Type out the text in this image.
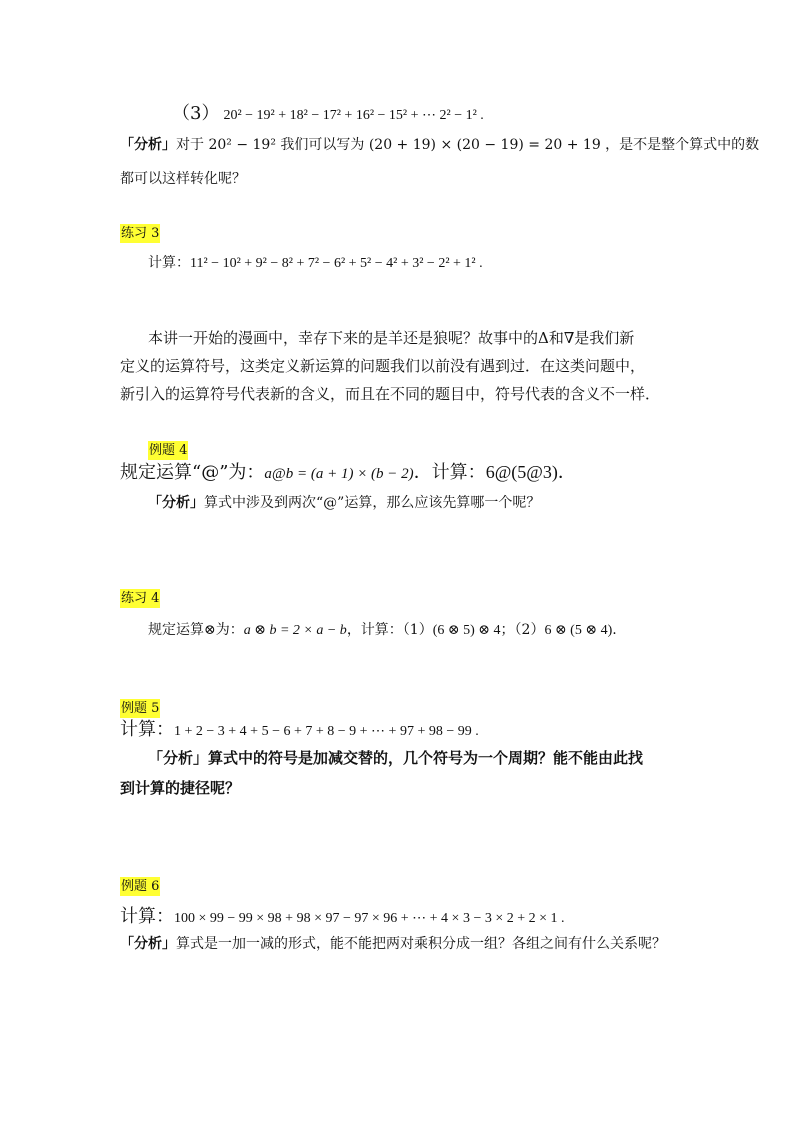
（3） 20² − 19² + 18² − 17² + 16² − 15² + ⋯ 2² − 1² .
「分析」对于 20² − 19² 我们可以写为 (20 + 19) × (20 − 19) = 20 + 19 ，是不是整个算式中的数
都可以这样转化呢？
练习 3
计算：11² − 10² + 9² − 8² + 7² − 6² + 5² − 4² + 3² − 2² + 1² .
本讲一开始的漫画中，幸存下来的是羊还是狼呢？故事中的Δ和∇是我们新
定义的运算符号，这类定义新运算的问题我们以前没有遇到过．在这类问题中，
新引入的运算符号代表新的含义，而且在不同的题目中，符号代表的含义不一样．
例题 4
规定运算“@”为：a@b = (a + 1) × (b − 2)．计算：6@(5@3)．
「分析」算式中涉及到两次“@”运算，那么应该先算哪一个呢？
练习 4
规定运算⊗为：a ⊗ b = 2 × a − b，计算：（1）(6 ⊗ 5) ⊗ 4；（2）6 ⊗ (5 ⊗ 4).
例题 5
计算：1 + 2 − 3 + 4 + 5 − 6 + 7 + 8 − 9 + ⋯ + 97 + 98 − 99 .
「分析」算式中的符号是加减交替的，几个符号为一个周期？能不能由此找
到计算的捷径呢？
例题 6
计算：100 × 99 − 99 × 98 + 98 × 97 − 97 × 96 + ⋯ + 4 × 3 − 3 × 2 + 2 × 1 .
「分析」算式是一加一减的形式，能不能把两对乘积分成一组？各组之间有什么关系呢？
